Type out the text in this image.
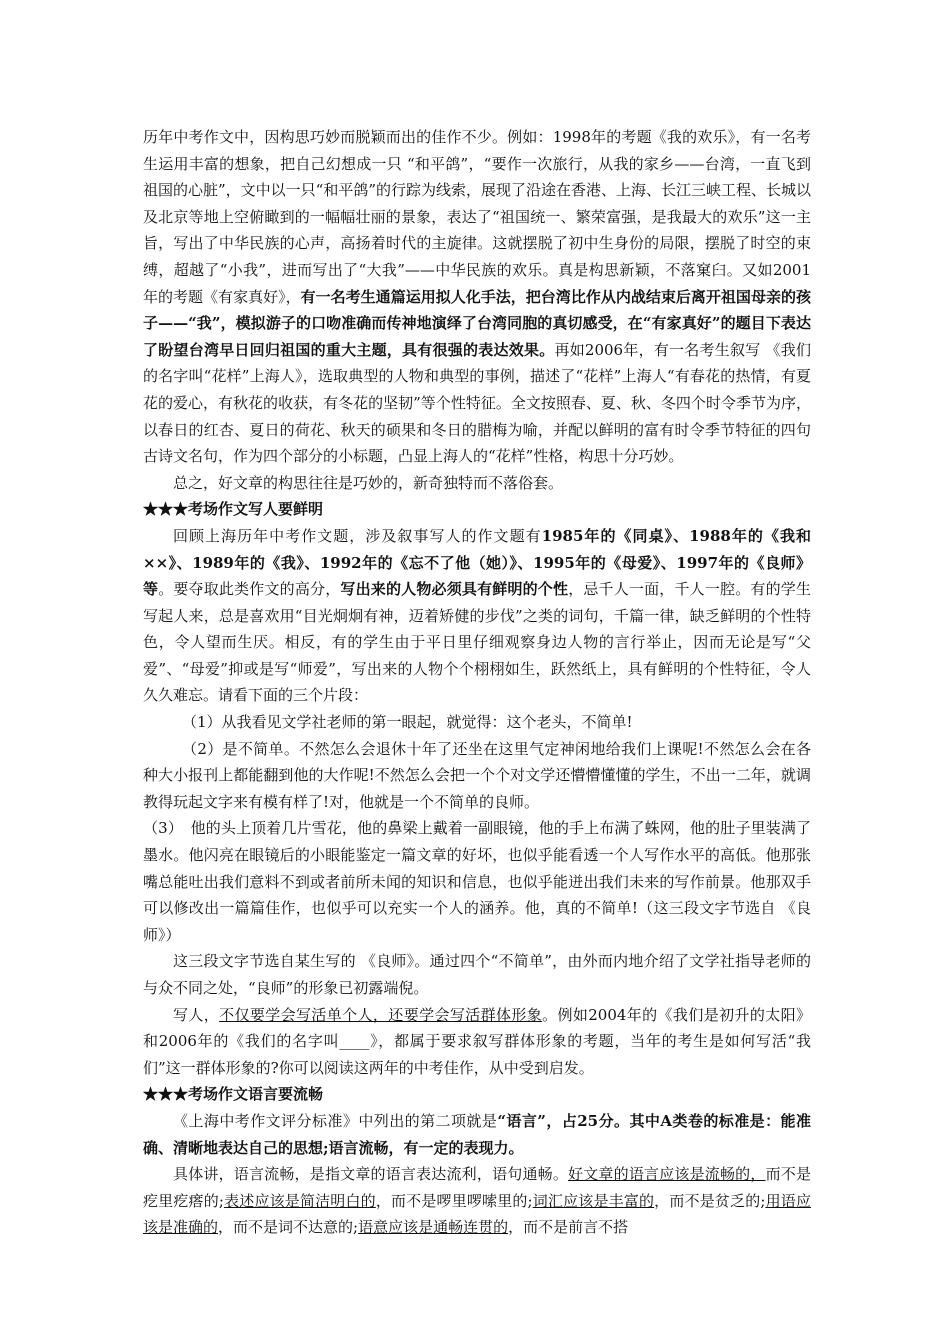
历年中考作文中，因构思巧妙而脱颖而出的佳作不少。例如：1998年的考题《我的欢乐》，有一名考生运用丰富的想象，把自己幻想成一只 “和平鸽”，“要作一次旅行，从我的家乡——台湾，一直飞到祖国的心脏”，文中以一只“和平鸽”的行踪为线索，展现了沿途在香港、上海、长江三峡工程、长城以及北京等地上空俯瞰到的一幅幅壮丽的景象，表达了“祖国统一、繁荣富强，是我最大的欢乐”这一主旨，写出了中华民族的心声，高扬着时代的主旋律。这就摆脱了初中生身份的局限，摆脱了时空的束缚，超越了“小我”，进而写出了“大我”——中华民族的欢乐。真是构思新颖，不落窠臼。又如2001年的考题《有家真好》，有一名考生通篇运用拟人化手法，把台湾比作从内战结束后离开祖国母亲的孩子——“我”，模拟游子的口吻准确而传神地演绎了台湾同胞的真切感受，在“有家真好”的题目下表达了盼望台湾早日回归祖国的重大主题，具有很强的表达效果。再如2006年，有一名考生叙写 《我们的名字叫“花样”上海人》，选取典型的人物和典型的事例，描述了“花样”上海人“有春花的热情，有夏花的爱心，有秋花的收获，有冬花的坚韧”等个性特征。全文按照春、夏、秋、冬四个时令季节为序，以春日的红杏、夏日的荷花、秋天的硕果和冬日的腊梅为喻，并配以鲜明的富有时令季节特征的四句古诗文名句，作为四个部分的小标题，凸显上海人的“花样”性格，构思十分巧妙。

总之，好文章的构思往往是巧妙的，新奇独特而不落俗套。

★★★考场作文写人要鲜明

回顾上海历年中考作文题，涉及叙事写人的作文题有1985年的《同桌》、1988年的《我和××》、1989年的《我》、1992年的《忘不了他（她）》、1995年的《母爱》、1997年的《良师》等。要夺取此类作文的高分，写出来的人物必须具有鲜明的个性，忌千人一面，千人一腔。有的学生写起人来，总是喜欢用“目光炯炯有神，迈着矫健的步伐”之类的词句，千篇一律，缺乏鲜明的个性特色，令人望而生厌。相反，有的学生由于平日里仔细观察身边人物的言行举止，因而无论是写“父爱”、“母爱”抑或是写“师爱”，写出来的人物个个栩栩如生，跃然纸上，具有鲜明的个性特征，令人久久难忘。请看下面的三个片段：

（1）从我看见文学社老师的第一眼起，就觉得：这个老头，不简单!

（2）是不简单。不然怎么会退休十年了还坐在这里气定神闲地给我们上课呢!不然怎么会在各种大小报刊上都能翻到他的大作呢!不然怎么会把一个个对文学还懵懵懂懂的学生，不出一二年，就调教得玩起文字来有模有样了!对，他就是一个不简单的良师。

（3）　他的头上顶着几片雪花，他的鼻梁上戴着一副眼镜，他的手上布满了蛛网，他的肚子里装满了墨水。他闪亮在眼镜后的小眼能鉴定一篇文章的好坏，也似乎能看透一个人写作水平的高低。他那张嘴总能吐出我们意料不到或者前所未闻的知识和信息，也似乎能迸出我们未来的写作前景。他那双手可以修改出一篇篇佳作，也似乎可以充实一个人的涵养。他，真的不简单!（这三段文字节选自 《良师》）

这三段文字节选自某生写的 《良师》。通过四个“不简单”，由外而内地介绍了文学社指导老师的与众不同之处，“良师”的形象已初露端倪。

写人，不仅要学会写活单个人，还要学会写活群体形象。例如2004年的《我们是初升的太阳》和2006年的《我们的名字叫____》，都属于要求叙写群体形象的考题，当年的考生是如何写活“我们”这一群体形象的?你可以阅读这两年的中考佳作，从中受到启发。

★★★考场作文语言要流畅

《上海中考作文评分标准》中列出的第二项就是“语言”，占25分。其中A类卷的标准是：能准确、清晰地表达自己的思想;语言流畅，有一定的表现力。

具体讲，语言流畅，是指文章的语言表达流利，语句通畅。好文章的语言应该是流畅的，而不是疙里疙瘩的;表述应该是简洁明白的，而不是啰里啰嗦里的;词汇应该是丰富的，而不是贫乏的;用语应该是准确的，而不是词不达意的;语意应该是通畅连贯的，而不是前言不搭
